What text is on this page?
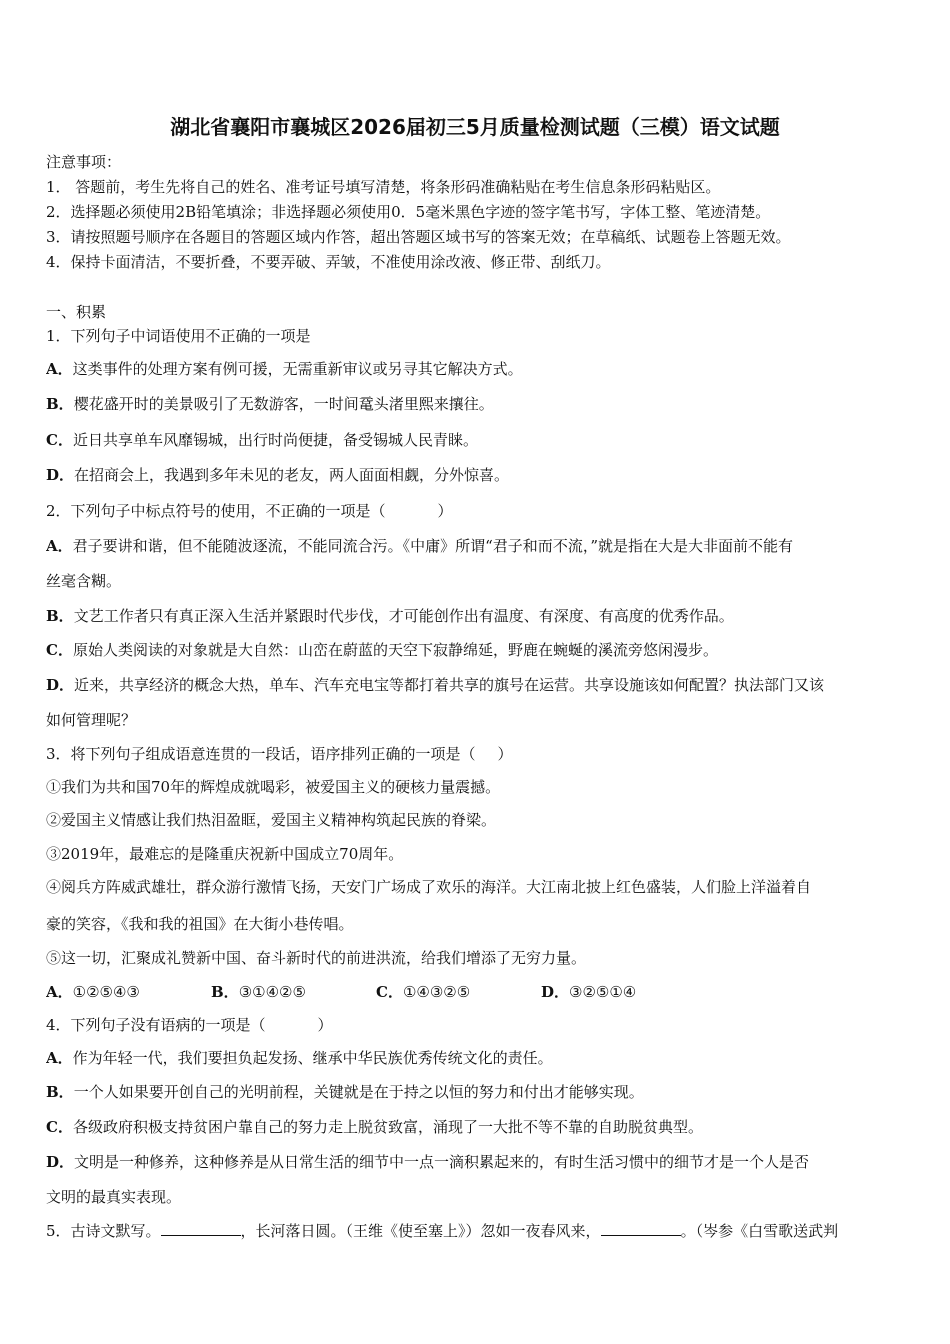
湖北省襄阳市襄城区2026届初三5月质量检测试题（三模）语文试题
注意事项：
1． 答题前，考生先将自己的姓名、准考证号填写清楚，将条形码准确粘贴在考生信息条形码粘贴区。
2．选择题必须使用2B铅笔填涂；非选择题必须使用0．5毫米黑色字迹的签字笔书写，字体工整、笔迹清楚。
3．请按照题号顺序在各题目的答题区域内作答，超出答题区域书写的答案无效；在草稿纸、试题卷上答题无效。
4．保持卡面清洁，不要折叠，不要弄破、弄皱，不准使用涂改液、修正带、刮纸刀。
一、积累
1．下列句子中词语使用不正确的一项是
A．这类事件的处理方案有例可援，无需重新审议或另寻其它解决方式。
B．樱花盛开时的美景吸引了无数游客，一时间鼋头渚里熙来攘往。
C．近日共享单车风靡锡城，出行时尚便捷，备受锡城人民青睐。
D．在招商会上，我遇到多年未见的老友，两人面面相觑，分外惊喜。
2．下列句子中标点符号的使用，不正确的一项是（	）
A．君子要讲和谐，但不能随波逐流，不能同流合污。《中庸》所谓“君子和而不流，”就是指在大是大非面前不能有
丝毫含糊。
B．文艺工作者只有真正深入生活并紧跟时代步伐，才可能创作出有温度、有深度、有高度的优秀作品。
C．原始人类阅读的对象就是大自然：山峦在蔚蓝的天空下寂静绵延，野鹿在蜿蜒的溪流旁悠闲漫步。
D．近来，共享经济的概念大热，单车、汽车充电宝等都打着共享的旗号在运营。共享设施该如何配置？执法部门又该
如何管理呢？
3．将下列句子组成语意连贯的一段话，语序排列正确的一项是（ ）
①我们为共和国70年的辉煌成就喝彩，被爱国主义的硬核力量震撼。
②爱国主义情感让我们热泪盈眶，爱国主义精神构筑起民族的脊梁。
③2019年，最难忘的是隆重庆祝新中国成立70周年。
④阅兵方阵威武雄壮，群众游行激情飞扬，天安门广场成了欢乐的海洋。大江南北披上红色盛装，人们脸上洋溢着自
豪的笑容，《我和我的祖国》在大街小巷传唱。
⑤这一切，汇聚成礼赞新中国、奋斗新时代的前进洪流，给我们增添了无穷力量。
A．①②⑤④③	B．③①④②⑤	C．①④③②⑤	D．③②⑤①④
4．下列句子没有语病的一项是（	）
A．作为年轻一代，我们要担负起发扬、继承中华民族优秀传统文化的责任。
B．一个人如果要开创自己的光明前程，关键就是在于持之以恒的努力和付出才能够实现。
C．各级政府积极支持贫困户靠自己的努力走上脱贫致富，涌现了一大批不等不靠的自助脱贫典型。
D．文明是一种修养，这种修养是从日常生活的细节中一点一滴积累起来的，有时生活习惯中的细节才是一个人是否
文明的最真实表现。
5．古诗文默写。	，长河落日圆。（王维《使至塞上》）忽如一夜春风来，	。（岑参《白雪歌送武判
